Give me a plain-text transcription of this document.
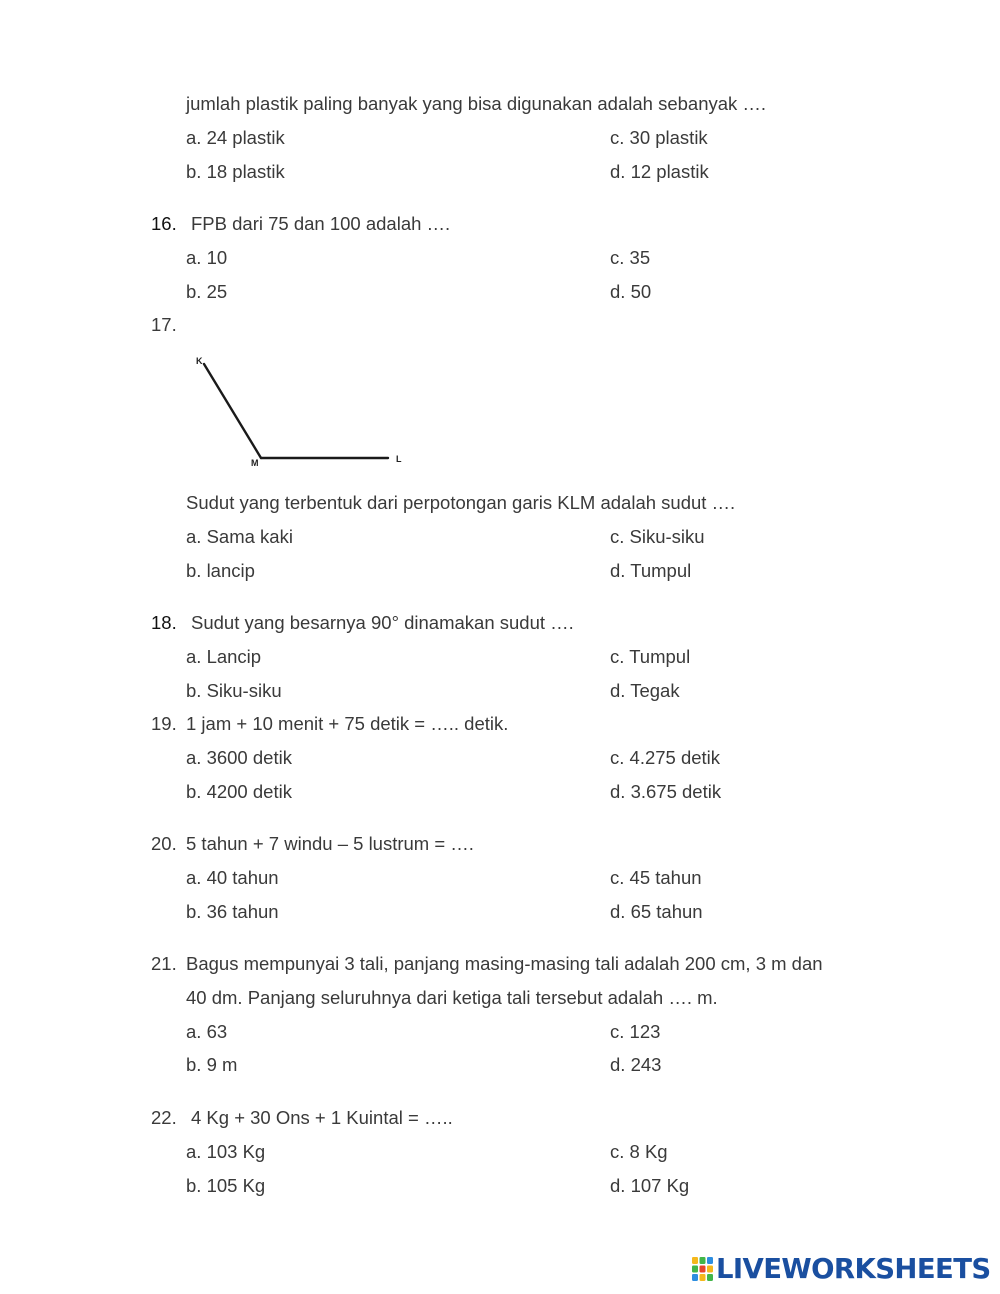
jumlah plastik paling banyak yang bisa digunakan adalah sebanyak ….
a. 24 plastik	c. 30 plastik
b. 18 plastik	d. 12 plastik
16. FPB dari 75 dan 100 adalah ….
a. 10	c. 35
b. 25	d. 50
17.
K
M	L
Sudut yang terbentuk dari perpotongan garis KLM adalah sudut ….
a. Sama kaki	c. Siku-siku
b. lancip	d. Tumpul
18. Sudut yang besarnya 90° dinamakan sudut ….
a. Lancip	c. Tumpul
b. Siku-siku	d. Tegak
19. 1 jam + 10 menit + 75 detik = ….. detik.
a. 3600 detik	c. 4.275 detik
b. 4200 detik	d. 3.675 detik
20. 5 tahun + 7 windu – 5 lustrum = ….
a. 40 tahun	c. 45 tahun
b. 36 tahun	d. 65 tahun
21. Bagus mempunyai 3 tali, panjang masing-masing tali adalah 200 cm, 3 m dan
40 dm. Panjang seluruhnya dari ketiga tali tersebut adalah …. m.
a. 63	c. 123
b. 9 m	d. 243
22. 4 Kg + 30 Ons + 1 Kuintal = …..
a. 103 Kg	c. 8 Kg
b. 105 Kg	d. 107 Kg
LIVEWORKSHEETS
